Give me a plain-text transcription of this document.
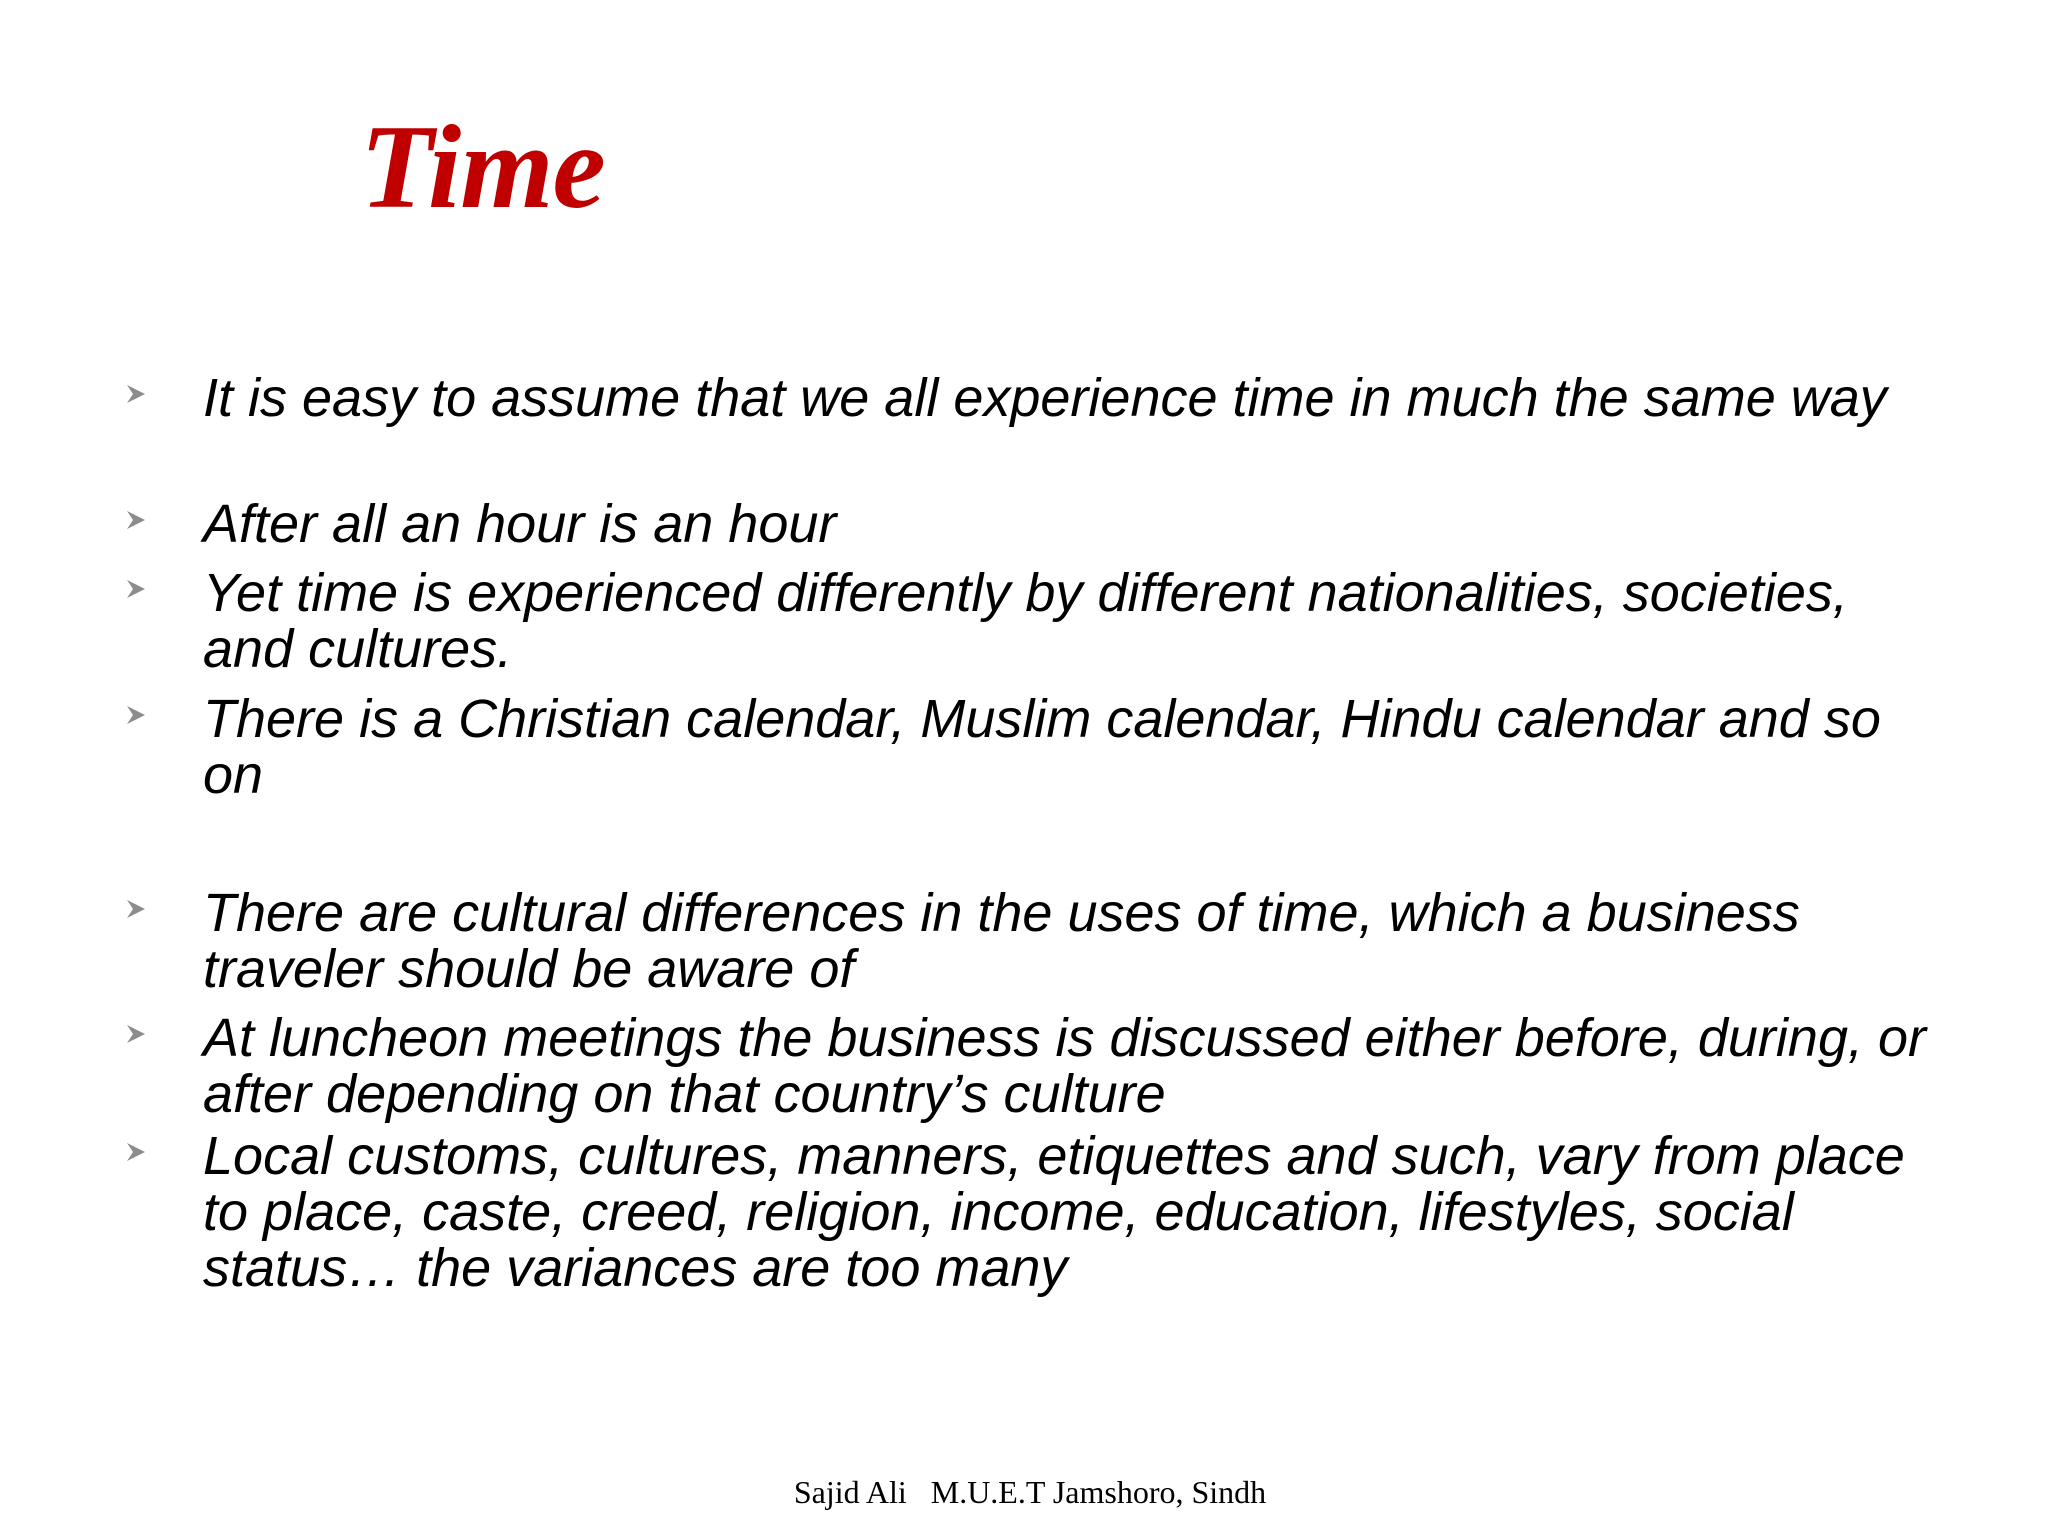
Time
It is easy to assume that we all experience time in much the same way
After all an hour is an hour
Yet time is experienced differently by different nationalities, societies, and cultures.
There is a Christian calendar, Muslim calendar, Hindu calendar and so on
There are cultural differences in the uses of time, which a business traveler should be aware of
At luncheon meetings the business is discussed either before, during, or after depending on that country’s culture
Local customs, cultures, manners, etiquettes and such, vary from place to place, caste, creed, religion, income, education, lifestyles, social status… the variances are too many
Sajid Ali M.U.E.T Jamshoro, Sindh
